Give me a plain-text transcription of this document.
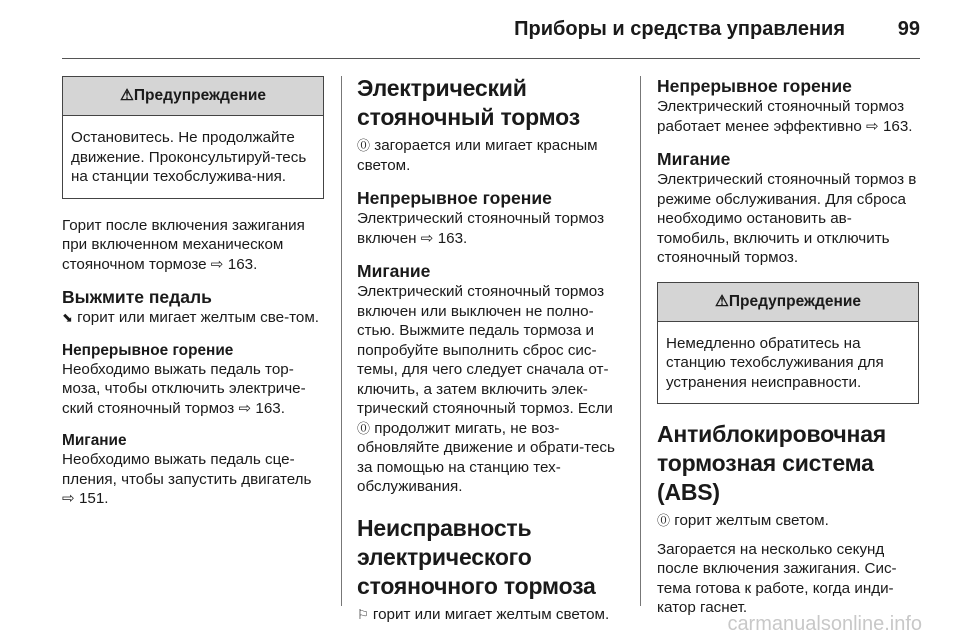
Приборы и средства управления	99
⚠Предупреждение
Остановитесь. Не продолжайте движение. Проконсультируй-тесь на станции техобслужива-ния.

Горит после включения зажигания при включенном механическом стояночном тормозе ⇨ 163.

Выжмите педаль

⬊ горит или мигает желтым све-том.

Непрерывное горение

Необходимо выжать педаль тор-моза, чтобы отключить электриче-ский стояночный тормоз ⇨ 163.

Мигание

Необходимо выжать педаль сце-пления, чтобы запустить двигатель ⇨ 151.

Электрический стояночный тормоз

⓪ загорается или мигает красным светом.

Непрерывное горение

Электрический стояночный тормоз включен ⇨ 163.

Мигание

Электрический стояночный тормоз включен или выключен не полно-стью. Выжмите педаль тормоза и попробуйте выполнить сброс сис-темы, для чего следует сначала от-ключить, а затем включить элек-трический стояночный тормоз. Если ⓪ продолжит мигать, не воз-обновляйте движение и обрати-тесь за помощью на станцию тех-обслуживания.

Неисправность электрического стояночного тормоза

⚐ горит или мигает желтым светом.

Непрерывное горение

Электрический стояночный тормоз работает менее эффективно ⇨ 163.

Мигание

Электрический стояночный тормоз в режиме обслуживания. Для сброса необходимо остановить ав-томобиль, включить и отключить стояночный тормоз.

⚠Предупреждение
Немедленно обратитесь на станцию техобслуживания для устранения неисправности.
Антиблокировочная тормозная система (ABS)

⓪ горит желтым светом.

Загорается на несколько секунд после включения зажигания. Сис-тема готова к работе, когда инди-катор гаснет.

carmanualsonline.info
